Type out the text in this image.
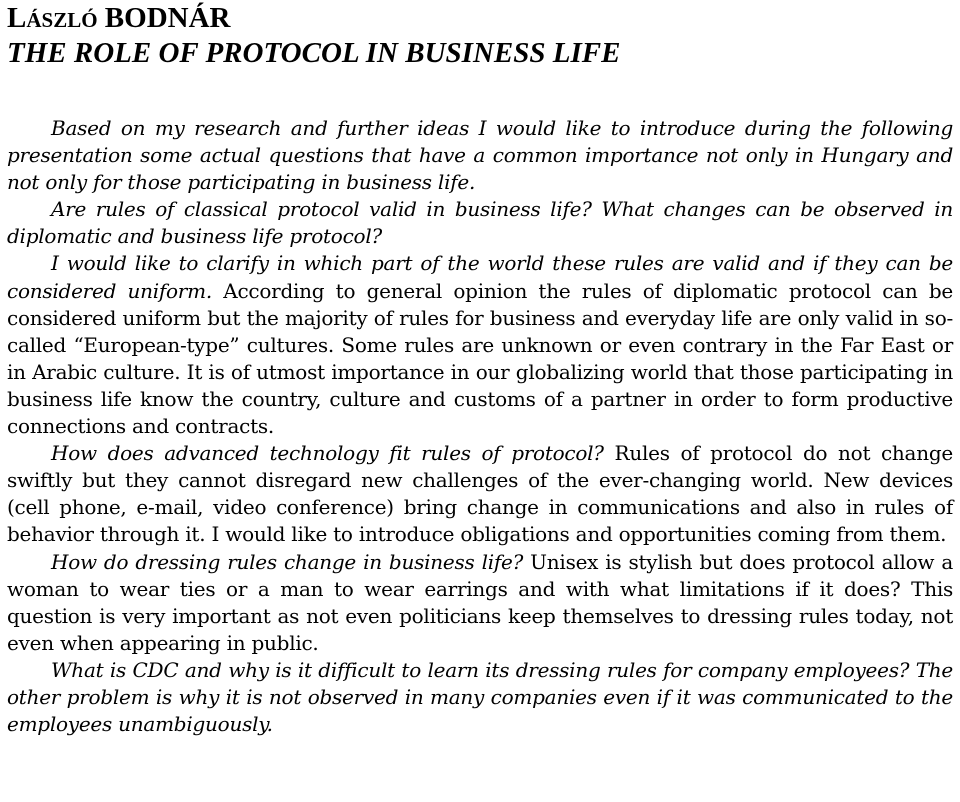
LÁSZLÓ BODNÁR
THE ROLE OF PROTOCOL IN BUSINESS LIFE

Based on my research and further ideas I would like to introduce during the following presentation some actual questions that have a common importance not only in Hungary and not only for those participating in business life.

Are rules of classical protocol valid in business life? What changes can be observed in diplomatic and business life protocol?

I would like to clarify in which part of the world these rules are valid and if they can be considered uniform. According to general opinion the rules of diplomatic protocol can be considered uniform but the majority of rules for business and everyday life are only valid in so-called “European-type” cultures. Some rules are unknown or even contrary in the Far East or in Arabic culture. It is of utmost importance in our globalizing world that those participating in business life know the country, culture and customs of a partner in order to form productive connections and contracts.

How does advanced technology fit rules of protocol? Rules of protocol do not change swiftly but they cannot disregard new challenges of the ever-changing world. New devices (cell phone, e-mail, video conference) bring change in communications and also in rules of behavior through it. I would like to introduce obligations and opportunities coming from them.

How do dressing rules change in business life? Unisex is stylish but does protocol allow a woman to wear ties or a man to wear earrings and with what limitations if it does? This question is very important as not even politicians keep themselves to dressing rules today, not even when appearing in public.

What is CDC and why is it difficult to learn its dressing rules for company employees? The other problem is why it is not observed in many companies even if it was communicated to the employees unambiguously.
